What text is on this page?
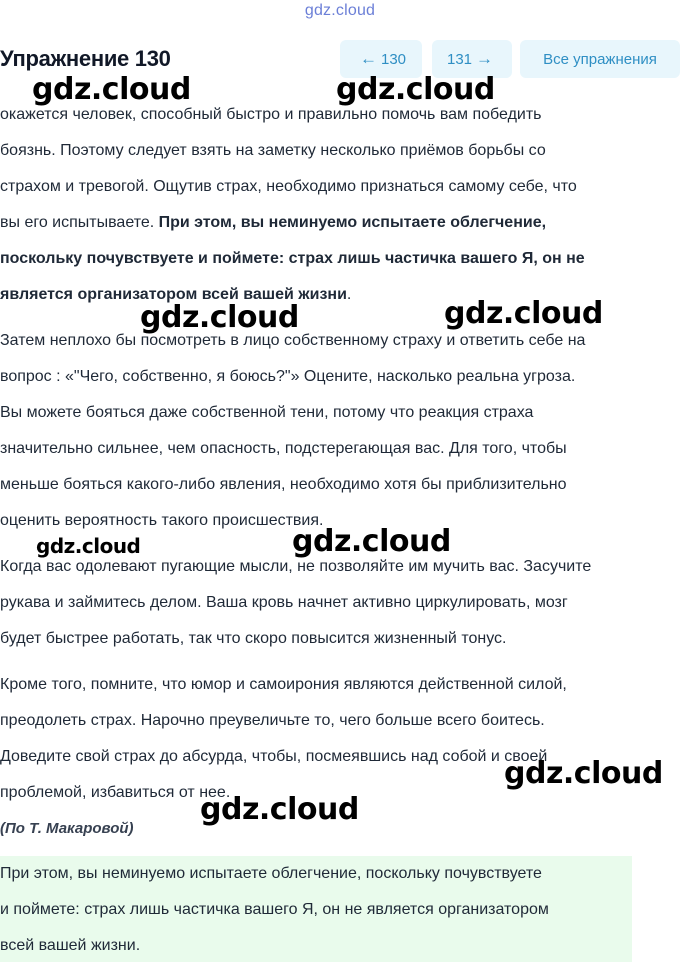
gdz.cloud
Упражнение 130	← 130	131 →	Все упражнения

окажется человек, способный быстро и правильно помочь вам победить

боязнь. Поэтому следует взять на заметку несколько приёмов борьбы со

страхом и тревогой. Ощутив страх, необходимо признаться самому себе, что

вы его испытываете. При этом, вы неминуемо испытаете облегчение,

поскольку почувствуете и поймете: страх лишь частичка вашего Я, он не

является организатором всей вашей жизни.

Затем неплохо бы посмотреть в лицо собственному страху и ответить себе на

вопрос : «"Чего, собственно, я боюсь?"» Оцените, насколько реальна угроза.

Вы можете бояться даже собственной тени, потому что реакция страха

значительно сильнее, чем опасность, подстерегающая вас. Для того, чтобы

меньше бояться какого-либо явления, необходимо хотя бы приблизительно

оценить вероятность такого происшествия.

Когда вас одолевают пугающие мысли, не позволяйте им мучить вас. Засучите

рукава и займитесь делом. Ваша кровь начнет активно циркулировать, мозг

будет быстрее работать, так что скоро повысится жизненный тонус.

Кроме того, помните, что юмор и самоирония являются действенной силой,

преодолеть страх. Нарочно преувеличьте то, чего больше всего боитесь.

Доведите свой страх до абсурда, чтобы, посмеявшись над собой и своей

проблемой, избавиться от нее.

(По Т. Макаровой)
При этом, вы неминуемо испытаете облегчение, поскольку почувствуете
и поймете: страх лишь частичка вашего Я, он не является организатором
всей вашей жизни.
gdz.cloud	gdz.cloud
gdz.cloud	gdz.cloud
gdz.cloud	gdz.cloud
gdz.cloud
gdz.cloud
